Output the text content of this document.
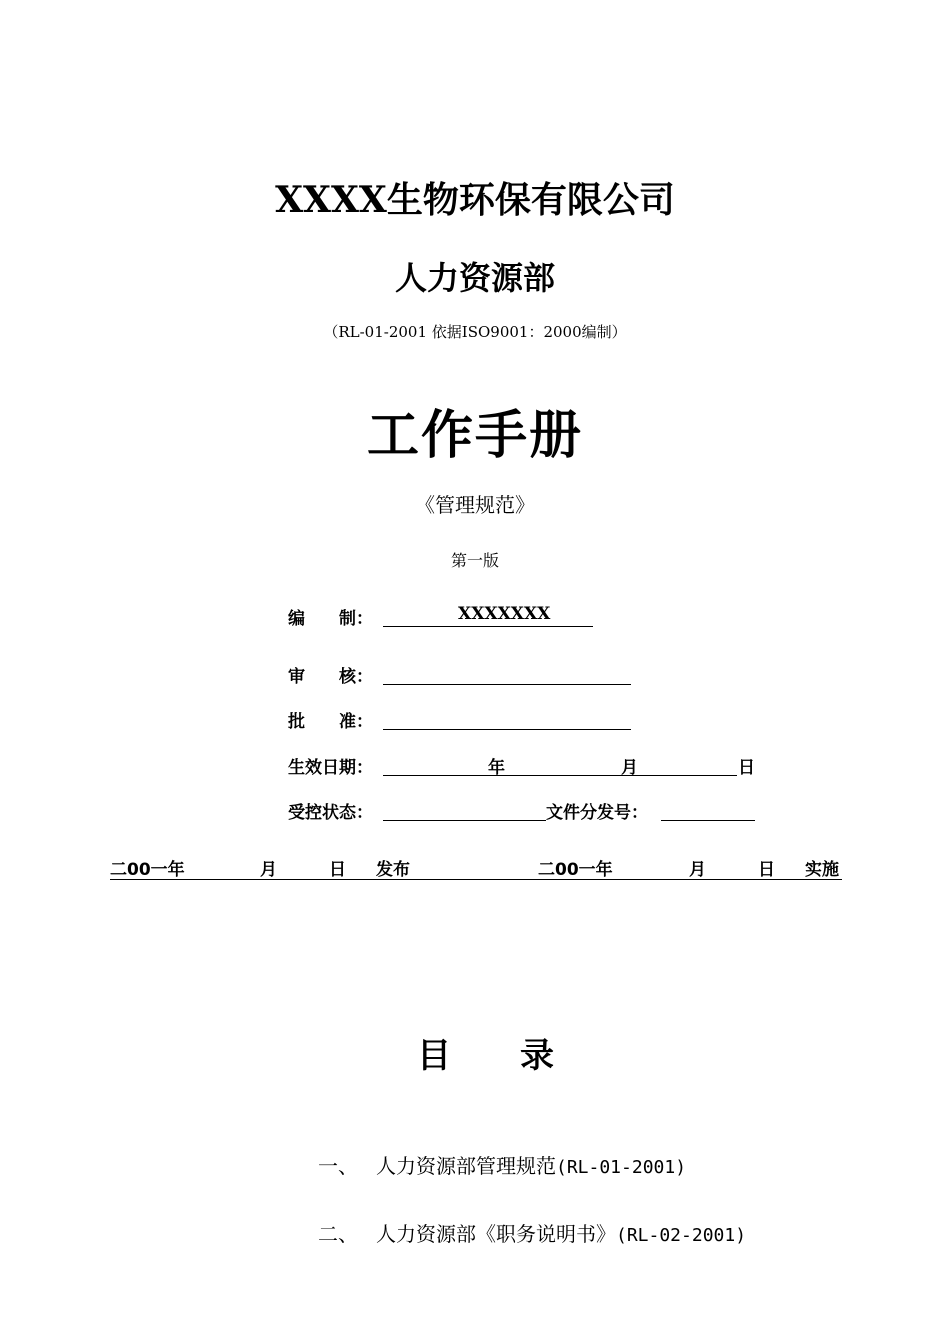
XXXX生物环保有限公司
人力资源部
（RL-01-2001 依据ISO9001：2000编制）
工作手册
《管理规范》
第一版
编　　制：	XXXXXXX
审　　核：
批　　准：
生效日期：	年	月	日
受控状态：	文件分发号：
二00一年	月	日 发布	二00一年	月	日 实施
目 录
一、 人力资源部管理规范(RL-01-2001)
二、 人力资源部《职务说明书》(RL-02-2001)
